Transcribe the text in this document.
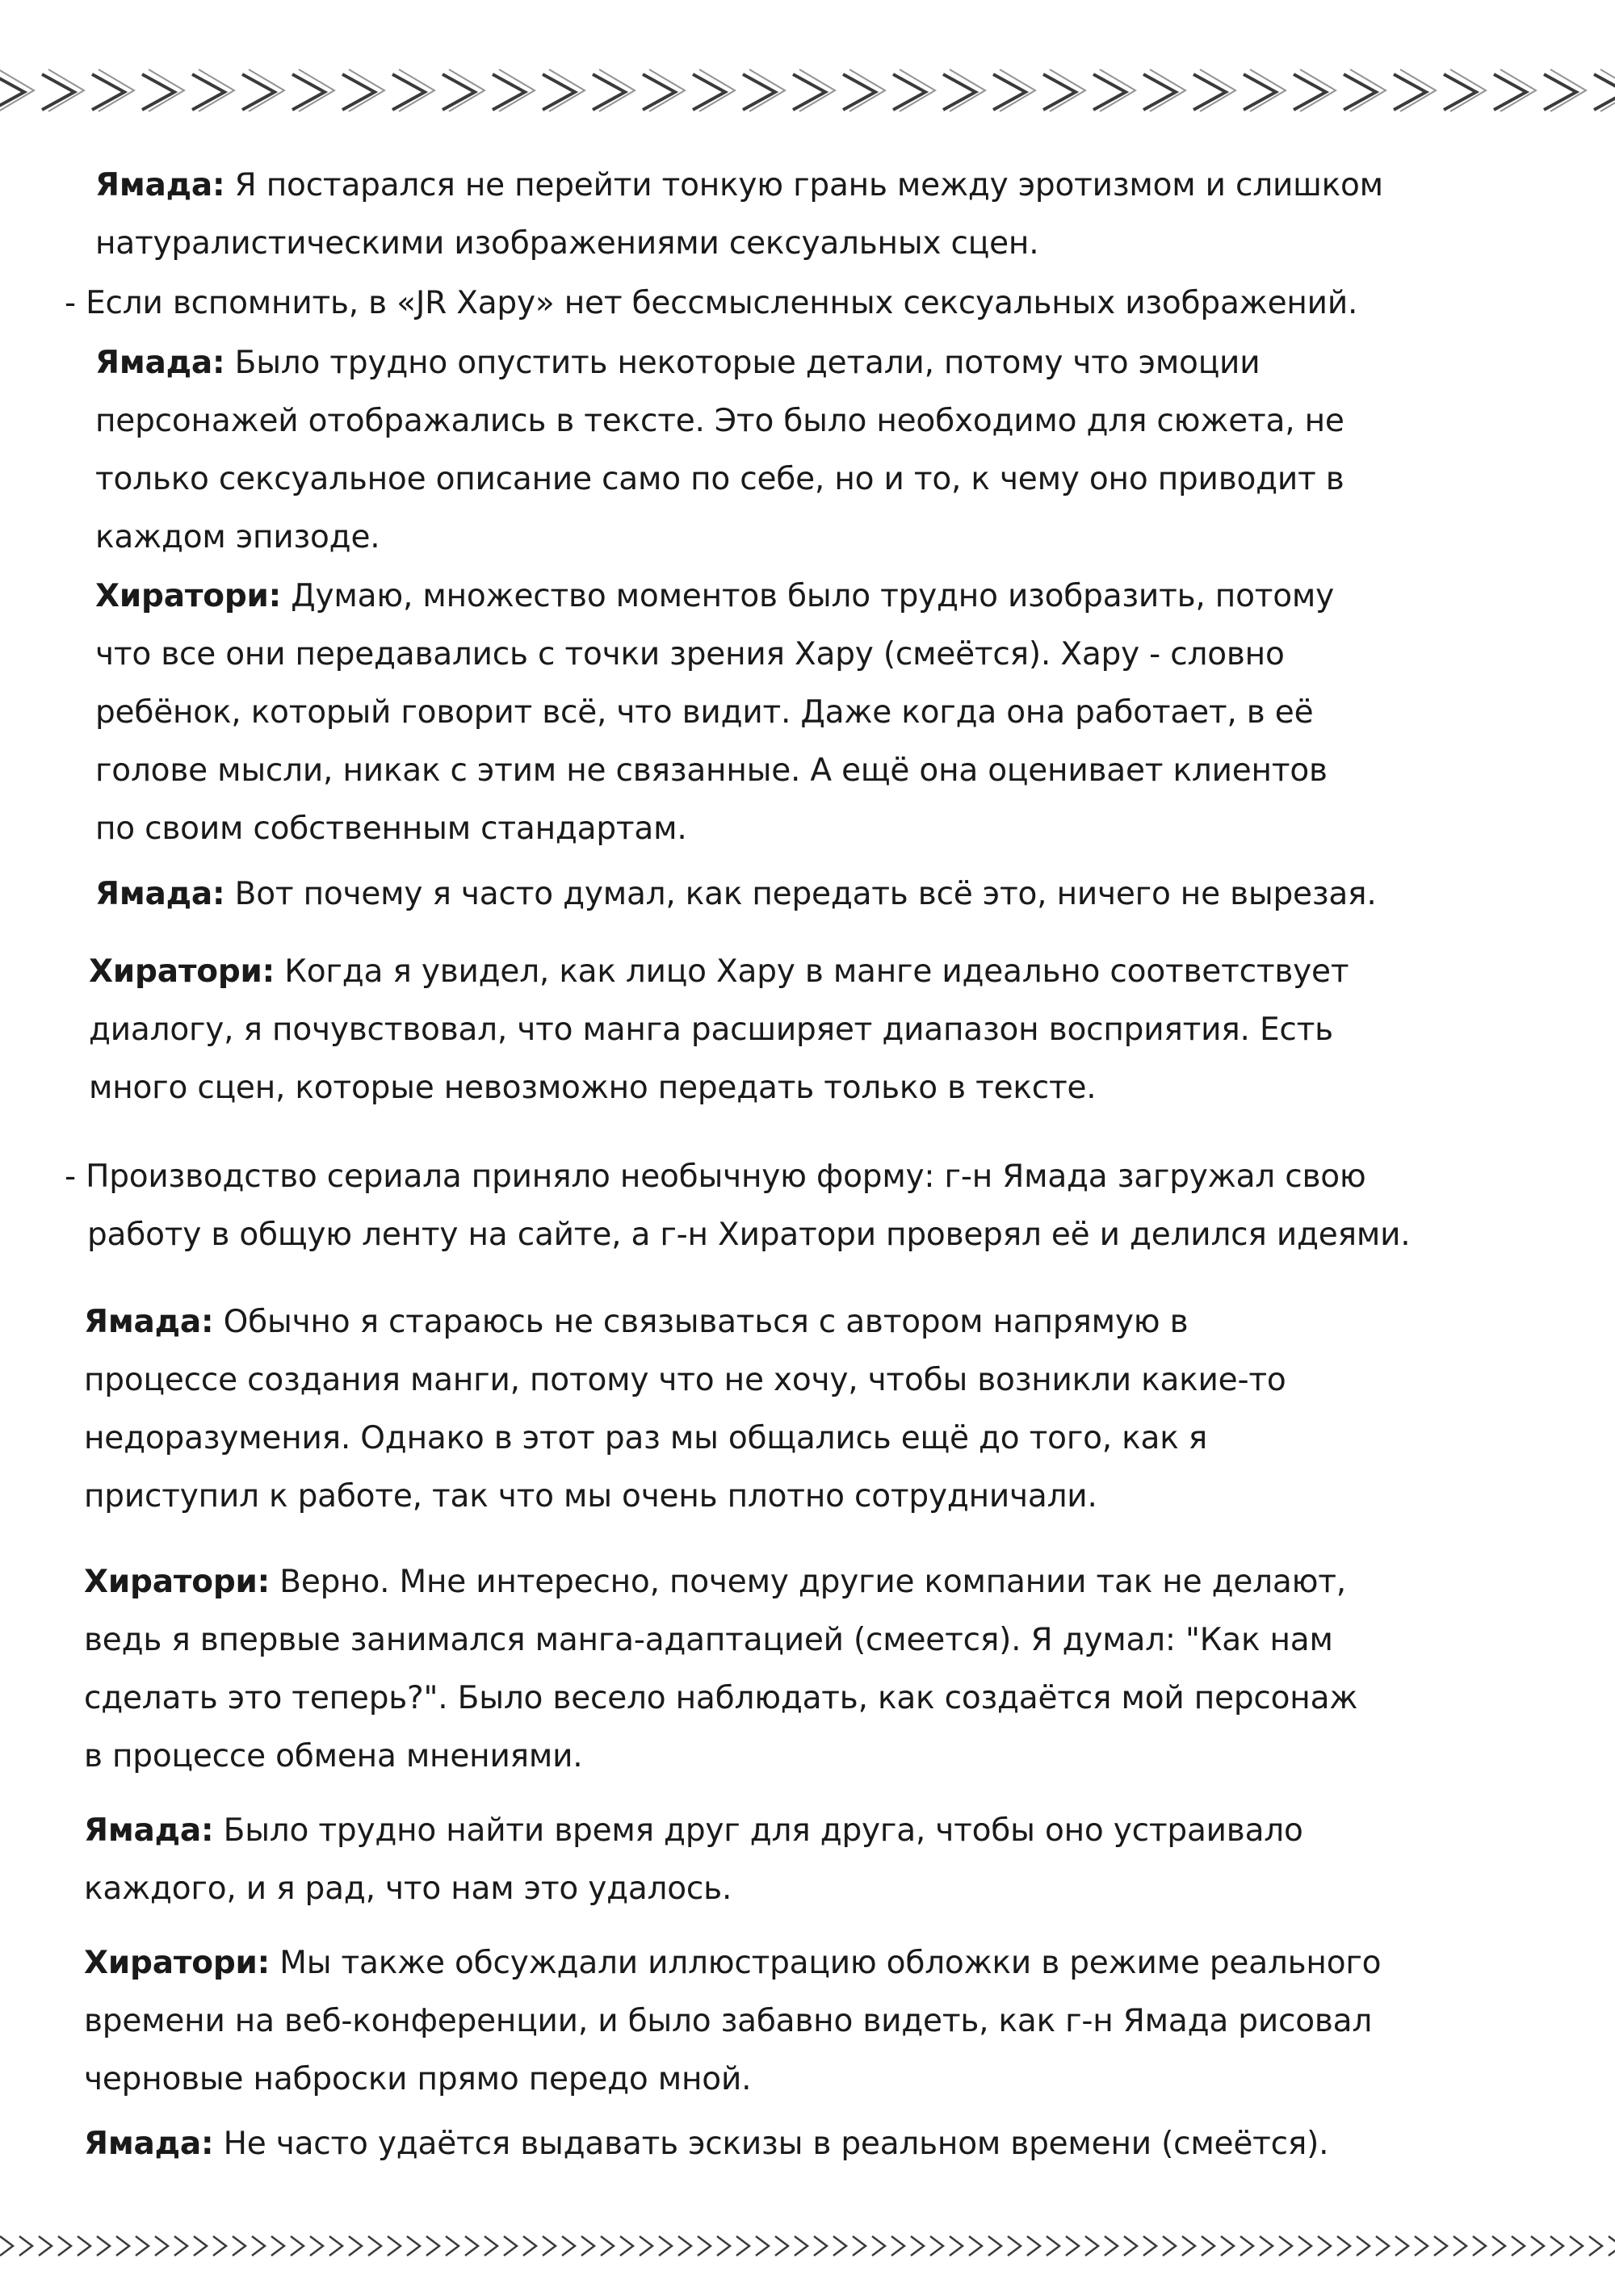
Ямада: Я постарался не перейти тонкую грань между эротизмом и слишком
натуралистическими изображениями сексуальных сцен.
- Если вспомнить, в «JR Хару» нет бессмысленных сексуальных изображений.
Ямада: Было трудно опустить некоторые детали, потому что эмоции
персонажей отображались в тексте. Это было необходимо для сюжета, не
только сексуальное описание само по себе, но и то, к чему оно приводит в
каждом эпизоде.
Хиратори: Думаю, множество моментов было трудно изобразить, потому
что все они передавались с точки зрения Хару (смеётся). Хару - словно
ребёнок, который говорит всё, что видит. Даже когда она работает, в её
голове мысли, никак с этим не связанные. А ещё она оценивает клиентов
по своим собственным стандартам.
Ямада: Вот почему я часто думал, как передать всё это, ничего не вырезая.
Хиратори: Когда я увидел, как лицо Хару в манге идеально соответствует
диалогу, я почувствовал, что манга расширяет диапазон восприятия. Есть
много сцен, которые невозможно передать только в тексте.
- Производство сериала приняло необычную форму: г-н Ямада загружал свою
работу в общую ленту на сайте, а г-н Хиратори проверял её и делился идеями.
Ямада: Обычно я стараюсь не связываться с автором напрямую в
процессе создания манги, потому что не хочу, чтобы возникли какие-то
недоразумения. Однако в этот раз мы общались ещё до того, как я
приступил к работе, так что мы очень плотно сотрудничали.
Хиратори: Верно. Мне интересно, почему другие компании так не делают,
ведь я впервые занимался манга-адаптацией (смеется). Я думал: "Как нам
сделать это теперь?". Было весело наблюдать, как создаётся мой персонаж
в процессе обмена мнениями.
Ямада: Было трудно найти время друг для друга, чтобы оно устраивало
каждого, и я рад, что нам это удалось.
Хиратори: Мы также обсуждали иллюстрацию обложки в режиме реального
времени на веб-конференции, и было забавно видеть, как г-н Ямада рисовал
черновые наброски прямо передо мной.
Ямада: Не часто удаётся выдавать эскизы в реальном времени (смеётся).
